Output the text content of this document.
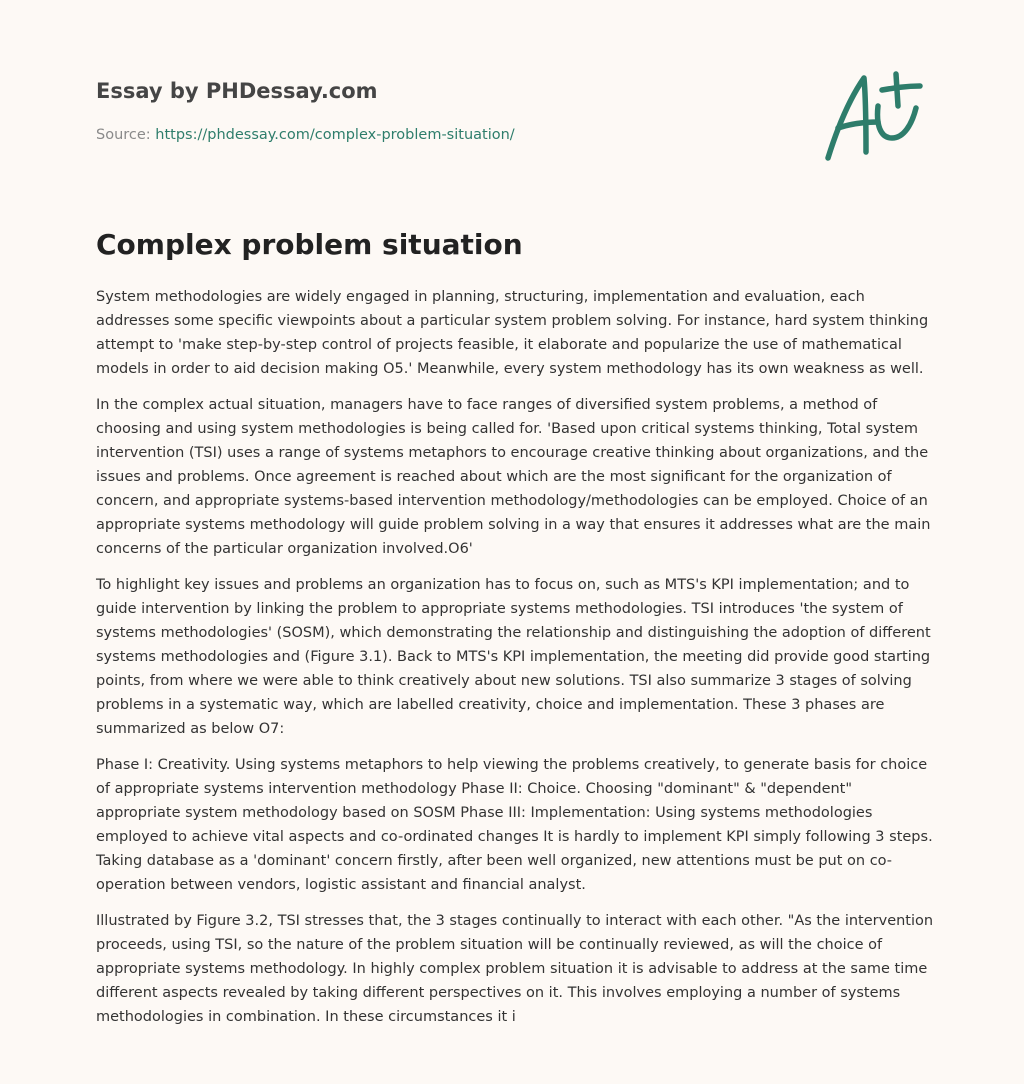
Essay by PHDessay.com
Source: https://phdessay.com/complex-problem-situation/
Complex problem situation

System methodologies are widely engaged in planning, structuring, implementation and evaluation, each addresses some specific viewpoints about a particular system problem solving. For instance, hard system thinking attempt to 'make step-by-step control of projects feasible, it elaborate and popularize the use of mathematical models in order to aid decision making O5.' Meanwhile, every system methodology has its own weakness as well.

In the complex actual situation, managers have to face ranges of diversified system problems, a method of choosing and using system methodologies is being called for. 'Based upon critical systems thinking, Total system intervention (TSI) uses a range of systems metaphors to encourage creative thinking about organizations, and the issues and problems. Once agreement is reached about which are the most significant for the organization of concern, and appropriate systems-based intervention methodology/methodologies can be employed. Choice of an appropriate systems methodology will guide problem solving in a way that ensures it addresses what are the main concerns of the particular organization involved.O6'

To highlight key issues and problems an organization has to focus on, such as MTS's KPI implementation; and to guide intervention by linking the problem to appropriate systems methodologies. TSI introduces 'the system of systems methodologies' (SOSM), which demonstrating the relationship and distinguishing the adoption of different systems methodologies and (Figure 3.1). Back to MTS's KPI implementation, the meeting did provide good starting points, from where we were able to think creatively about new solutions. TSI also summarize 3 stages of solving problems in a systematic way, which are labelled creativity, choice and implementation. These 3 phases are summarized as below O7:

Phase I: Creativity. Using systems metaphors to help viewing the problems creatively, to generate basis for choice of appropriate systems intervention methodology Phase II: Choice. Choosing "dominant" & "dependent" appropriate system methodology based on SOSM Phase III: Implementation: Using systems methodologies employed to achieve vital aspects and co-ordinated changes It is hardly to implement KPI simply following 3 steps. Taking database as a 'dominant' concern firstly, after been well organized, new attentions must be put on co-operation between vendors, logistic assistant and financial analyst.

Illustrated by Figure 3.2, TSI stresses that, the 3 stages continually to interact with each other. "As the intervention proceeds, using TSI, so the nature of the problem situation will be continually reviewed, as will the choice of appropriate systems methodology. In highly complex problem situation it is advisable to address at the same time different aspects revealed by taking different perspectives on it. This involves employing a number of systems methodologies in combination. In these circumstances it i
